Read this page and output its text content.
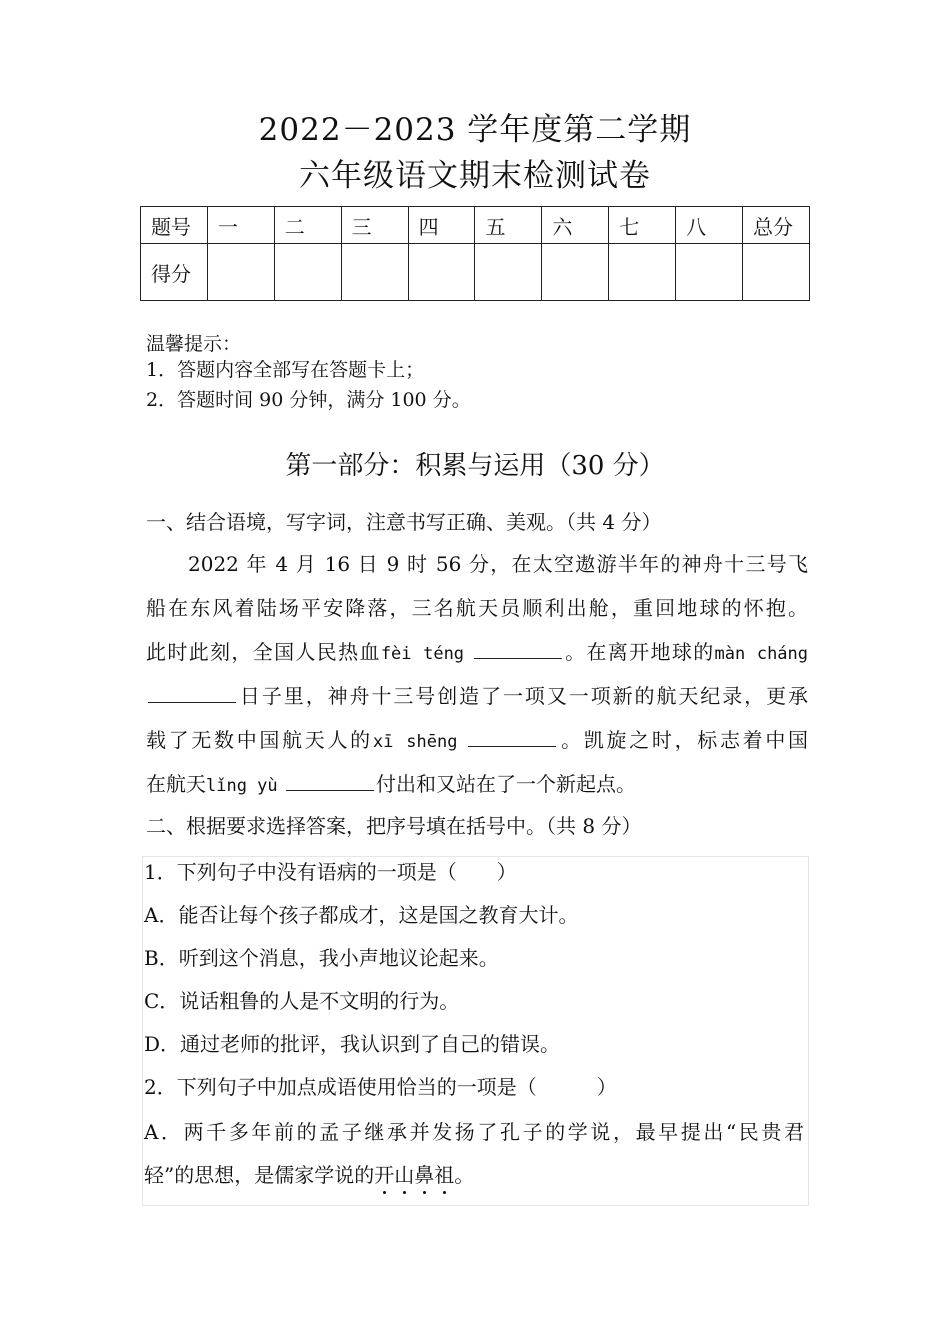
2022－2023 学年度第二学期
六年级语文期末检测试卷
题号	一	二	三	四	五	六	七	八	总分
得分									
温馨提示：
1．答题内容全部写在答题卡上；
2．答题时间 90 分钟，满分 100 分。
第一部分：积累与运用（30 分）
一、结合语境，写字词，注意书写正确、美观。（共 4 分）
2022 年 4 月 16 日 9 时 56 分，在太空遨游半年的神舟十三号飞
船在东风着陆场平安降落，三名航天员顺利出舱，重回地球的怀抱。
此时此刻，全国人民热血fèi téng	。在离开地球的màn cháng
日子里，神舟十三号创造了一项又一项新的航天纪录，更承
载了无数中国航天人的xī shēng	。凯旋之时，标志着中国
在航天lǐng yù	付出和又站在了一个新起点。
二、根据要求选择答案，把序号填在括号中。（共 8 分）
1．下列句子中没有语病的一项是（　　）
A．能否让每个孩子都成才，这是国之教育大计。
B．听到这个消息，我小声地议论起来。
C．说话粗鲁的人是不文明的行为。
D．通过老师的批评，我认识到了自己的错误。
2．下列句子中加点成语使用恰当的一项是（　　　）
A．两千多年前的孟子继承并发扬了孔子的学说，最早提出“民贵君
轻”的思想，是儒家学说的开山鼻祖。
